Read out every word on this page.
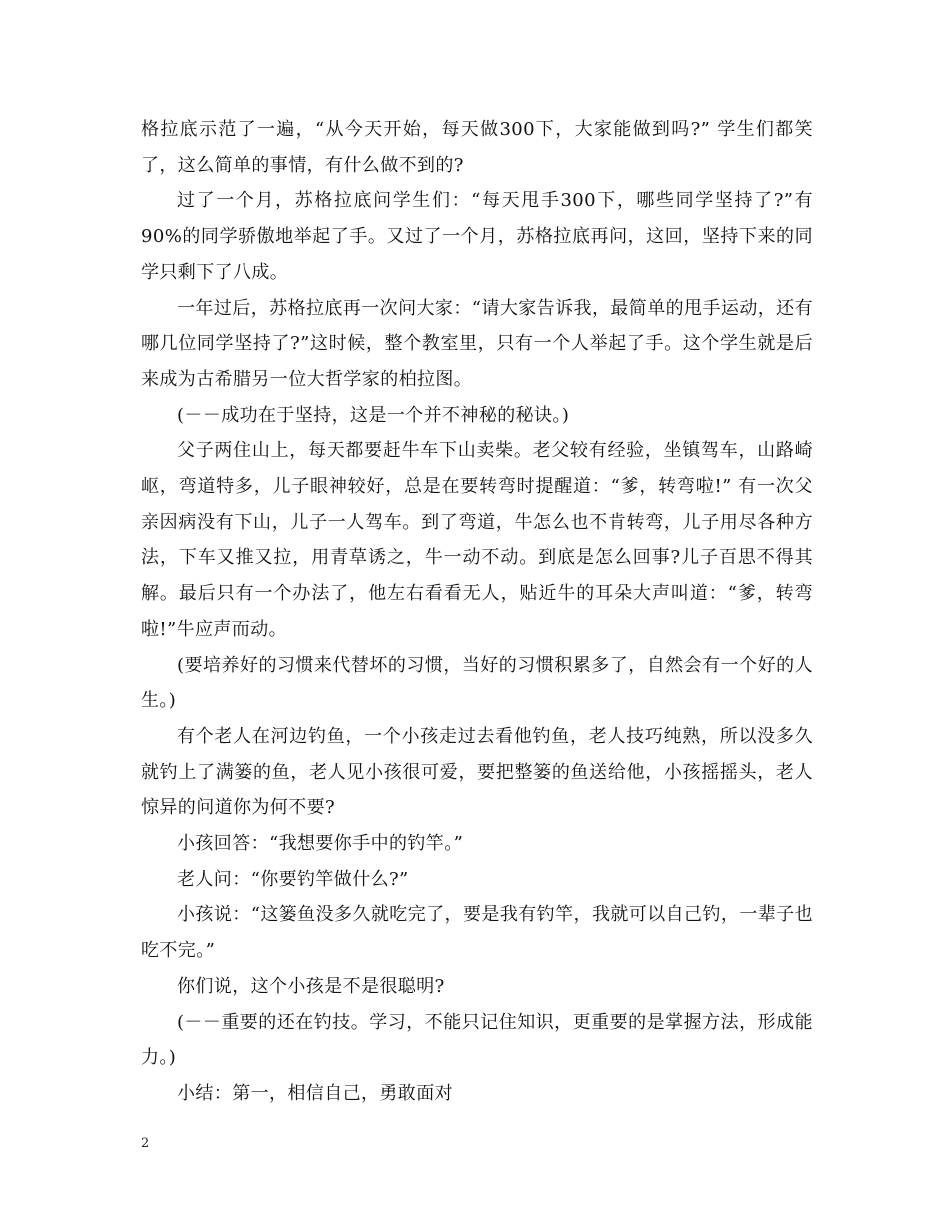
格拉底示范了一遍，“从今天开始，每天做300下，大家能做到吗?” 学生们都笑了，这么简单的事情，有什么做不到的?

过了一个月，苏格拉底问学生们：“每天甩手300下，哪些同学坚持了?”有90%的同学骄傲地举起了手。又过了一个月，苏格拉底再问，这回，坚持下来的同学只剩下了八成。

一年过后，苏格拉底再一次问大家：“请大家告诉我，最简单的甩手运动，还有哪几位同学坚持了?”这时候，整个教室里，只有一个人举起了手。这个学生就是后来成为古希腊另一位大哲学家的柏拉图。

(－－成功在于坚持，这是一个并不神秘的秘诀。)

父子两住山上，每天都要赶牛车下山卖柴。老父较有经验，坐镇驾车，山路崎岖，弯道特多，儿子眼神较好，总是在要转弯时提醒道：“爹，转弯啦!” 有一次父亲因病没有下山，儿子一人驾车。到了弯道，牛怎么也不肯转弯，儿子用尽各种方法，下车又推又拉，用青草诱之，牛一动不动。到底是怎么回事?儿子百思不得其解。最后只有一个办法了，他左右看看无人，贴近牛的耳朵大声叫道：“爹，转弯啦!”牛应声而动。

(要培养好的习惯来代替坏的习惯，当好的习惯积累多了，自然会有一个好的人生。)

有个老人在河边钓鱼，一个小孩走过去看他钓鱼，老人技巧纯熟，所以没多久就钓上了满篓的鱼，老人见小孩很可爱，要把整篓的鱼送给他，小孩摇摇头，老人惊异的问道你为何不要?

小孩回答：“我想要你手中的钓竿。”

老人问：“你要钓竿做什么?”

小孩说：“这篓鱼没多久就吃完了，要是我有钓竿，我就可以自己钓，一辈子也吃不完。”

你们说，这个小孩是不是很聪明?

(－－重要的还在钓技。学习，不能只记住知识，更重要的是掌握方法，形成能力。)

小结：第一，相信自己，勇敢面对

2
